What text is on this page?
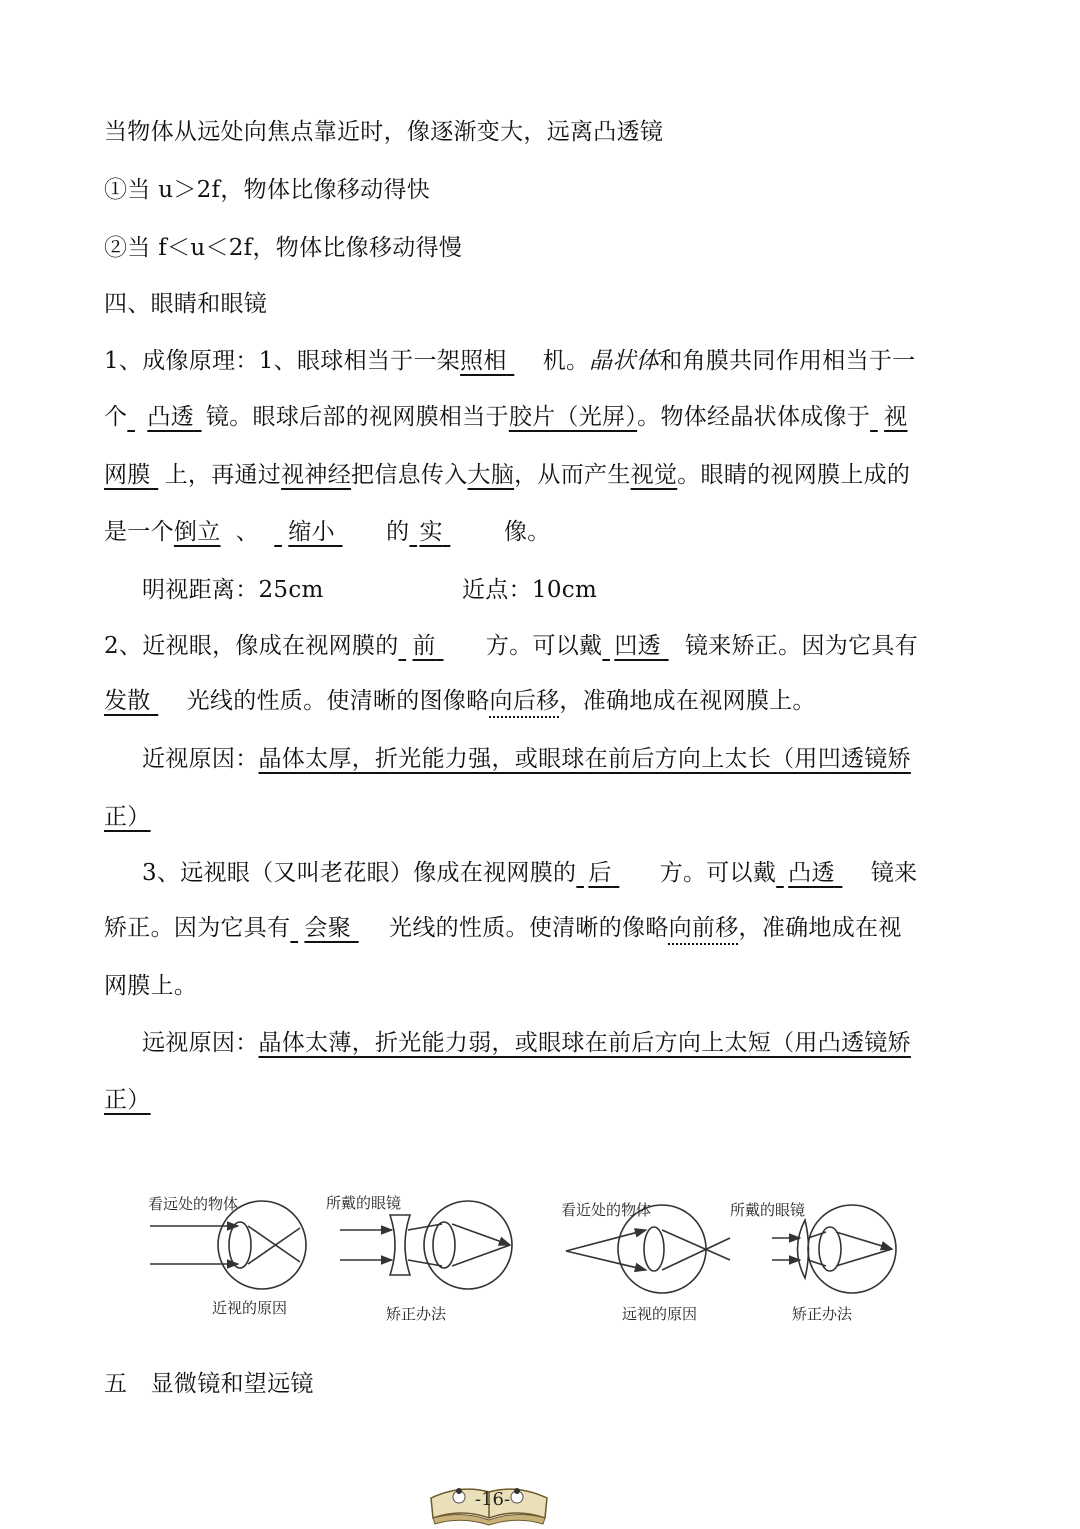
当物体从远处向焦点靠近时，像逐渐变大，远离凸透镜
①当 u＞2f，物体比像移动得快
②当 f＜u＜2f，物体比像移动得慢
四、眼睛和眼镜
1、成像原理：1、眼球相当于一架照相 机。晶状体和角膜共同作用相当于一
个 凸透 镜。眼球后部的视网膜相当于胶片（光屏）。物体经晶状体成像于 视
网膜 上，再通过视神经把信息传入大脑，从而产生视觉。眼睛的视网膜上成的
是一个倒立 、 缩小 的 实	像。
明视距离：25cm	近点：10cm
2、近视眼，像成在视网膜的 前 方。可以戴 凹透 镜来矫正。因为它具有
发散 光线的性质。使清晰的图像略向后移，准确地成在视网膜上。
近视原因：晶体太厚，折光能力强，或眼球在前后方向上太长（用凹透镜矫
正）
3、远视眼（又叫老花眼）像成在视网膜的 后 方。可以戴 凸透 镜来
矫正。因为它具有 会聚 光线的性质。使清晰的像略向前移，准确地成在视
网膜上。
远视原因：晶体太薄，折光能力弱，或眼球在前后方向上太短（用凸透镜矫
正）
看远处的物体
近视的原因
所戴的眼镜
矫正办法
看近处的物体
远视的原因
所戴的眼镜
矫正办法
五　显微镜和望远镜
-16-
